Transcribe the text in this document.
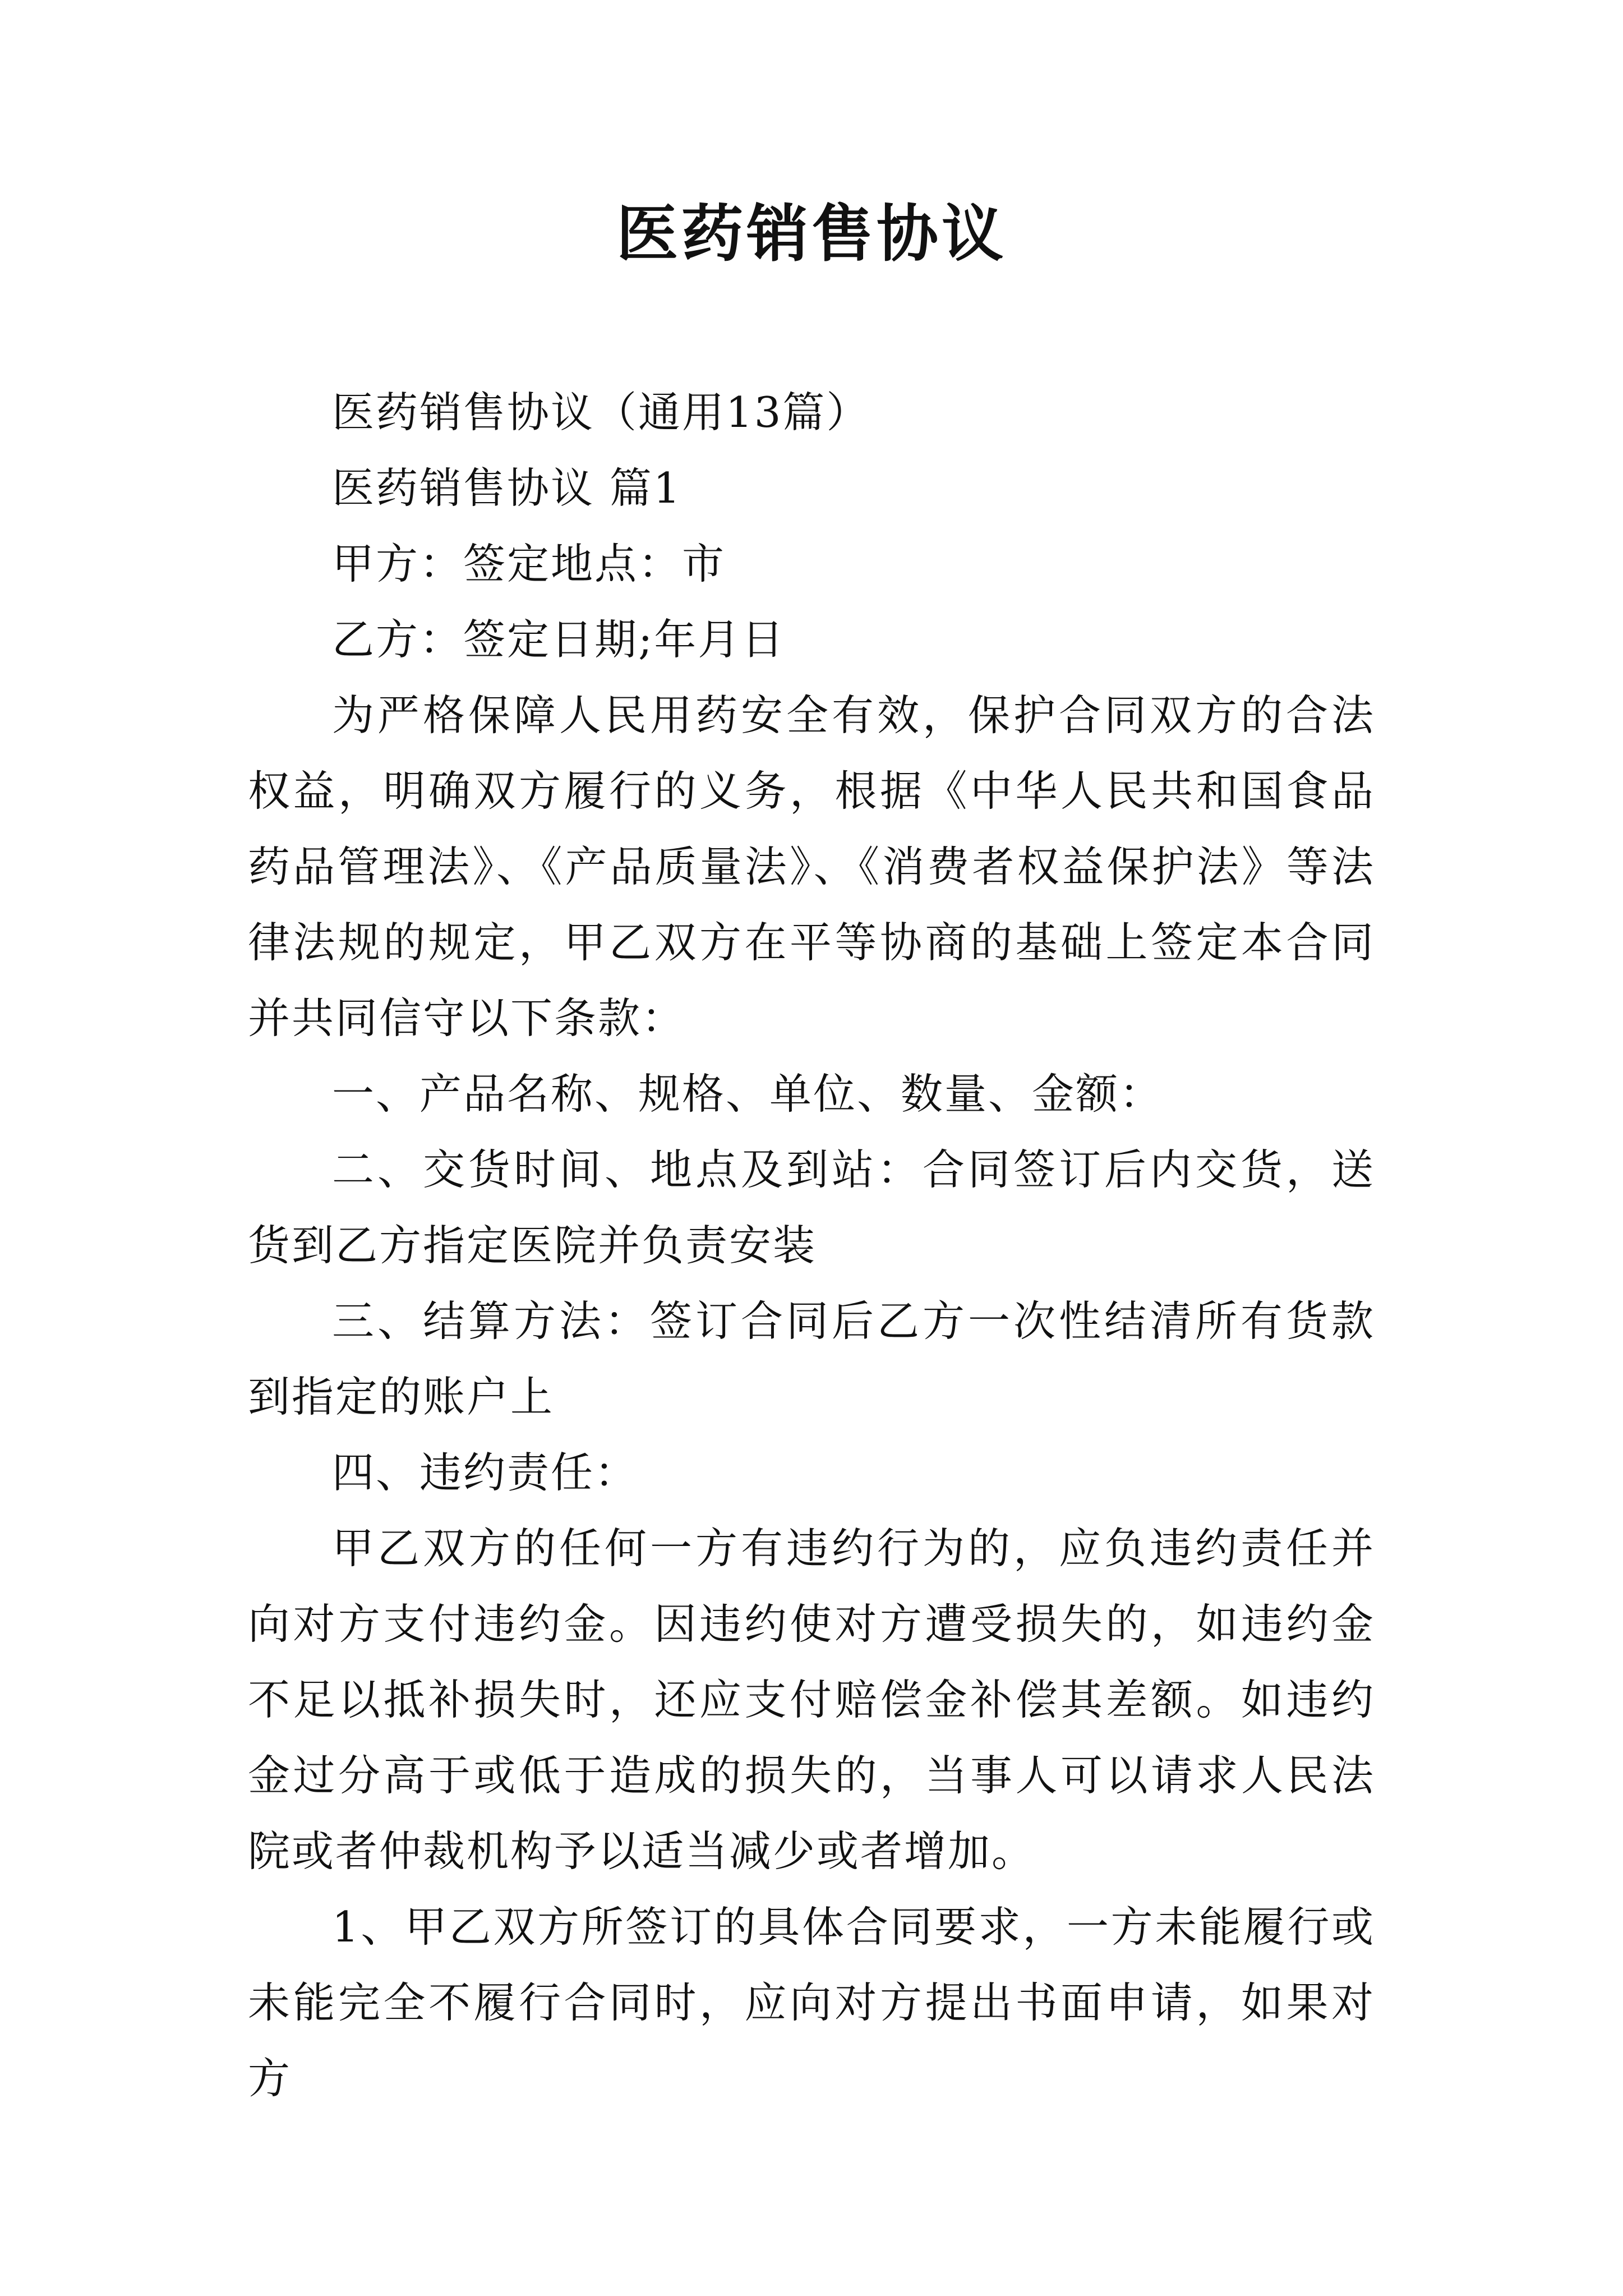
医药销售协议

医药销售协议（通用13篇）

医药销售协议 篇1

甲方：签定地点：市

乙方：签定日期;年月日

为严格保障人民用药安全有效，保护合同双方的合法权益，明确双方履行的义务，根据《中华人民共和国食品药品管理法》、《产品质量法》、《消费者权益保护法》等法律法规的规定，甲乙双方在平等协商的基础上签定本合同并共同信守以下条款：

一、产品名称、规格、单位、数量、金额：

二、交货时间、地点及到站：合同签订后内交货，送货到乙方指定医院并负责安装

三、结算方法：签订合同后乙方一次性结清所有货款到指定的账户上

四、违约责任：

甲乙双方的任何一方有违约行为的，应负违约责任并向对方支付违约金。因违约使对方遭受损失的，如违约金不足以抵补损失时，还应支付赔偿金补偿其差额。如违约金过分高于或低于造成的损失的，当事人可以请求人民法院或者仲裁机构予以适当减少或者增加。

1、甲乙双方所签订的具体合同要求，一方未能履行或未能完全不履行合同时，应向对方提出书面申请，如果对方
